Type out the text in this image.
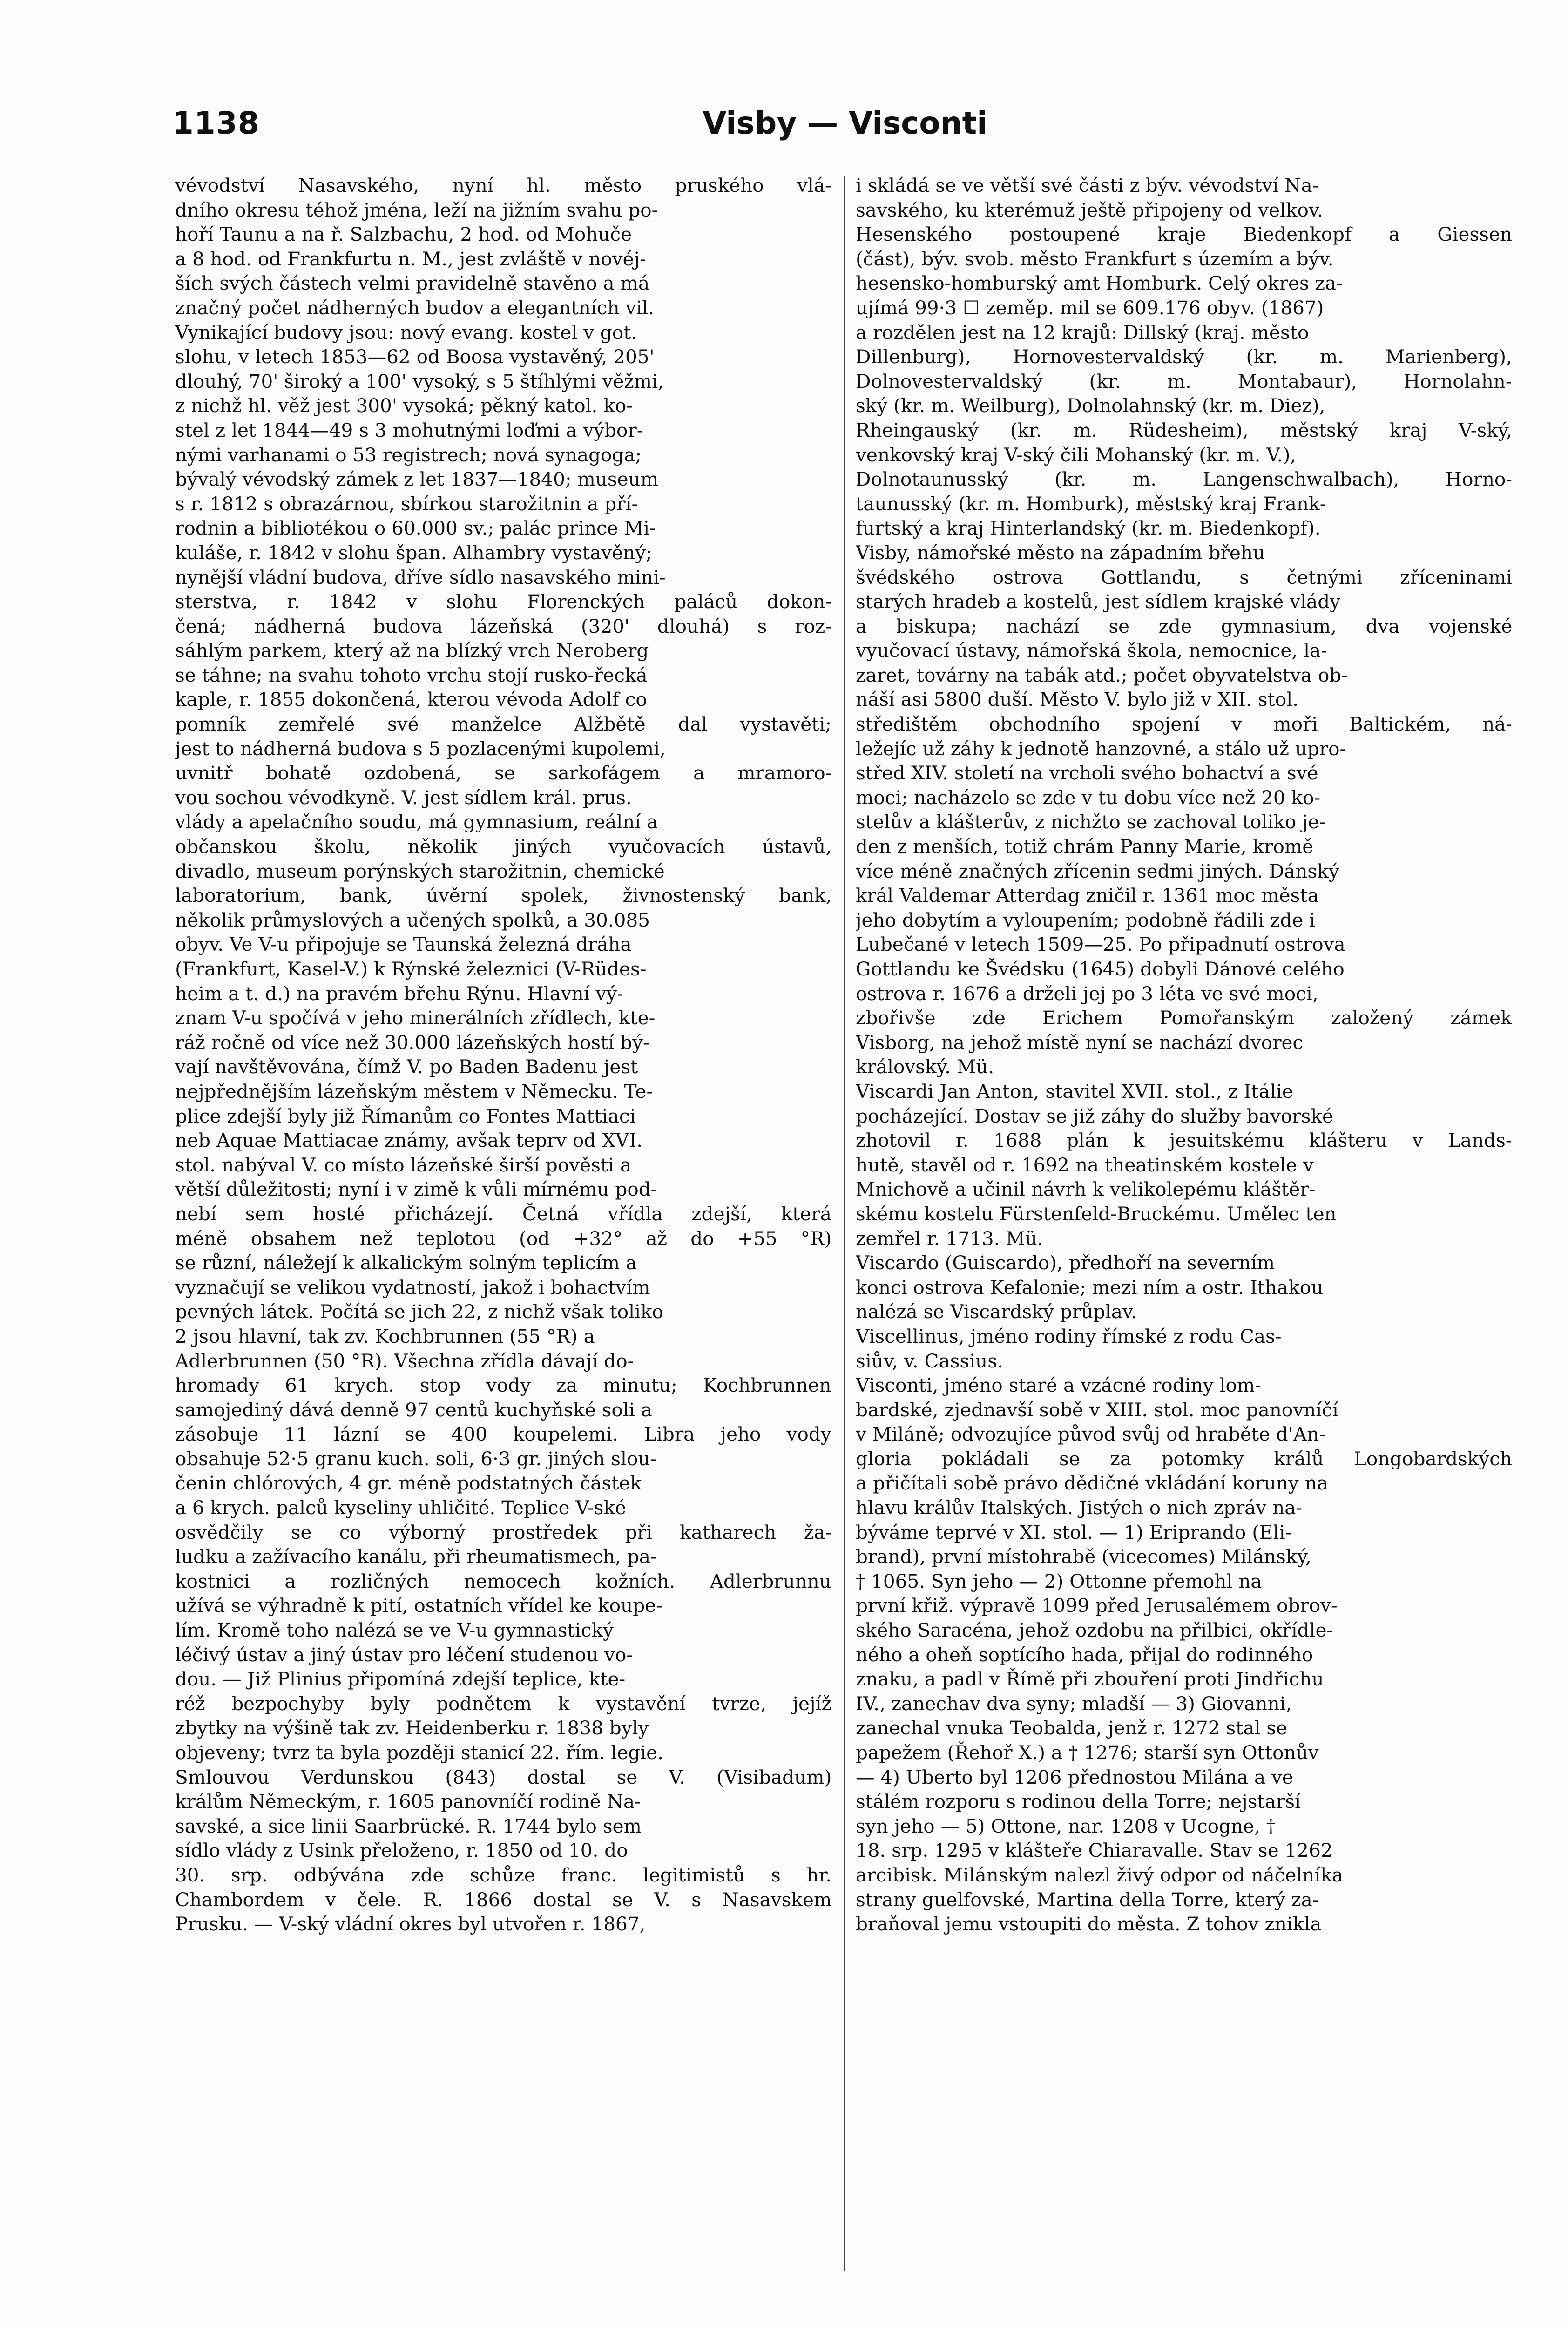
1138	Visby — Visconti
vévodství Nasavského, nyní hl. město pruského vlá-
dního okresu téhož jména, leží na jižním svahu po-
hoří Taunu a na ř. Salzbachu, 2 hod. od Mohuče
a 8 hod. od Frankfurtu n. M., jest zvláště v novéj-
ších svých částech velmi pravidelně stavěno a má
značný počet nádherných budov a elegantních vil.
Vynikající budovy jsou: nový evang. kostel v got.
slohu, v letech 1853—62 od Boosa vystavěný, 205'
dlouhý, 70' široký a 100' vysoký, s 5 štíhlými věžmi,
z nichž hl. věž jest 300' vysoká; pěkný katol. ko-
stel z let 1844—49 s 3 mohutnými loďmi a výbor-
nými varhanami o 53 registrech; nová synagoga;
bývalý vévodský zámek z let 1837—1840; museum
s r. 1812 s obrazárnou, sbírkou starožitnin a pří-
rodnin a bibliotékou o 60.000 sv.; palác prince Mi-
kuláše, r. 1842 v slohu špan. Alhambry vystavěný;
nynější vládní budova, dříve sídlo nasavského mini-
sterstva, r. 1842 v slohu Florenckých paláců dokon-
čená; nádherná budova lázeňská (320' dlouhá) s roz-
sáhlým parkem, který až na blízký vrch Neroberg
se táhne; na svahu tohoto vrchu stojí rusko-řecká
kaple, r. 1855 dokončená, kterou vévoda Adolf co
pomník zemřelé své manželce Alžbětě dal vystavěti;
jest to nádherná budova s 5 pozlacenými kupolemi,
uvnitř bohatě ozdobená, se sarkofágem a mramoro-
vou sochou vévodkyně. V. jest sídlem král. prus.
vlády a apelačního soudu, má gymnasium, reální a
občanskou školu, několik jiných vyučovacích ústavů,
divadlo, museum porýnských starožitnin, chemické
laboratorium, bank, úvěrní spolek, živnostenský bank,
několik průmyslových a učených spolků, a 30.085
obyv. Ve V-u připojuje se Taunská železná dráha
(Frankfurt, Kasel-V.) k Rýnské železnici (V-Rüdes-
heim a t. d.) na pravém břehu Rýnu. Hlavní vý-
znam V-u spočívá v jeho minerálních zřídlech, kte-
ráž ročně od více než 30.000 lázeňských hostí bý-
vají navštěvována, čímž V. po Baden Badenu jest
nejpřednějším lázeňským městem v Německu. Te-
plice zdejší byly již Římanům co Fontes Mattiaci
neb Aquae Mattiacae známy, avšak teprv od XVI.
stol. nabýval V. co místo lázeňské širší pověsti a
větší důležitosti; nyní i v zimě k vůli mírnému pod-
nebí sem hosté přicházejí. Četná vřídla zdejší, která
méně obsahem než teplotou (od +32° až do +55 °R)
se různí, náležejí k alkalickým solným teplicím a
vyznačují se velikou vydatností, jakož i bohactvím
pevných látek. Počítá se jich 22, z nichž však toliko
2 jsou hlavní, tak zv. Kochbrunnen (55 °R) a
Adlerbrunnen (50 °R). Všechna zřídla dávají do-
hromady 61 krych. stop vody za minutu; Kochbrunnen
samojediný dává denně 97 centů kuchyňské soli a
zásobuje 11 lázní se 400 koupelemi. Libra jeho vody
obsahuje 52·5 granu kuch. soli, 6·3 gr. jiných slou-
čenin chlórových, 4 gr. méně podstatných částek
a 6 krych. palců kyseliny uhličité. Teplice V-ské
osvědčily se co výborný prostředek při katharech ža-
ludku a zažívacího kanálu, při rheumatismech, pa-
kostnici a rozličných nemocech kožních. Adlerbrunnu
užívá se výhradně k pití, ostatních vřídel ke koupe-
lím. Kromě toho nalézá se ve V-u gymnastický
léčivý ústav a jiný ústav pro léčení studenou vo-
dou. — Již Plinius připomíná zdejší teplice, kte-
réž bezpochyby byly podnětem k vystavění tvrze, jejíž
zbytky na výšině tak zv. Heidenberku r. 1838 byly
objeveny; tvrz ta byla později stanicí 22. řím. legie.
Smlouvou Verdunskou (843) dostal se V. (Visibadum)
králům Německým, r. 1605 panovníčí rodině Na-
savské, a sice linii Saarbrücké. R. 1744 bylo sem
sídlo vlády z Usink přeloženo, r. 1850 od 10. do
30. srp. odbývána zde schůze franc. legitimistů s hr.
Chambordem v čele. R. 1866 dostal se V. s Nasavskem
Prusku. — V-ský vládní okres byl utvořen r. 1867,
i skládá se ve větší své části z býv. vévodství Na-
savského, ku kterémuž ještě připojeny od velkov.
Hesenského postoupené kraje Biedenkopf a Giessen
(část), býv. svob. město Frankfurt s územím a býv.
hesensko-homburský amt Homburk. Celý okres za-
ujímá 99·3 ☐ zeměp. mil se 609.176 obyv. (1867)
a rozdělen jest na 12 krajů: Dillský (kraj. město
Dillenburg), Hornovestervaldský (kr. m. Marienberg),
Dolnovestervaldský (kr. m. Montabaur), Hornolahn-
ský (kr. m. Weilburg), Dolnolahnský (kr. m. Diez),
Rheingauský (kr. m. Rüdesheim), městský kraj V-ský,
venkovský kraj V-ský čili Mohanský (kr. m. V.),
Dolnotaunusský (kr. m. Langenschwalbach), Horno-
taunusský (kr. m. Homburk), městský kraj Frank-
furtský a kraj Hinterlandský (kr. m. Biedenkopf).
Visby, námořské město na západním břehu
švédského ostrova Gottlandu, s četnými zříceninami
starých hradeb a kostelů, jest sídlem krajské vlády
a biskupa; nachází se zde gymnasium, dva vojenské
vyučovací ústavy, námořská škola, nemocnice, la-
zaret, továrny na tabák atd.; počet obyvatelstva ob-
náší asi 5800 duší. Město V. bylo již v XII. stol.
středištěm obchodního spojení v moři Baltickém, ná-
ležejíc už záhy k jednotě hanzovné, a stálo už upro-
střed XIV. století na vrcholi svého bohactví a své
moci; nacházelo se zde v tu dobu více než 20 ko-
stelův a klášterův, z nichžto se zachoval toliko je-
den z menších, totiž chrám Panny Marie, kromě
více méně značných zřícenin sedmi jiných. Dánský
král Valdemar Atterdag zničil r. 1361 moc města
jeho dobytím a vyloupením; podobně řádili zde i
Lubečané v letech 1509—25. Po připadnutí ostrova
Gottlandu ke Švédsku (1645) dobyli Dánové celého
ostrova r. 1676 a drželi jej po 3 léta ve své moci,
zbořivše zde Erichem Pomořanským založený zámek
Visborg, na jehož místě nyní se nachází dvorec
královský. Mü.
Viscardi Jan Anton, stavitel XVII. stol., z Itálie
pocházející. Dostav se již záhy do služby bavorské
zhotovil r. 1688 plán k jesuitskému klášteru v Lands-
hutě, stavěl od r. 1692 na theatinském kostele v
Mnichově a učinil návrh k velikolepému kláštěr-
skému kostelu Fürstenfeld-Bruckému. Umělec ten
zemřel r. 1713. Mü.
Viscardo (Guiscardo), předhoří na severním
konci ostrova Kefalonie; mezi ním a ostr. Ithakou
nalézá se Viscardský průplav.
Viscellinus, jméno rodiny římské z rodu Cas-
siův, v. Cassius.
Visconti, jméno staré a vzácné rodiny lom-
bardské, zjednavší sobě v XIII. stol. moc panovníčí
v Miláně; odvozujíce původ svůj od hraběte d'An-
gloria pokládali se za potomky králů Longobardských
a přičítali sobě právo dědičné vkládání koruny na
hlavu králův Italských. Jistých o nich zpráv na-
býváme teprvé v XI. stol. — 1) Eriprando (Eli-
brand), první místohrabě (vicecomes) Milánský,
† 1065. Syn jeho — 2) Ottonne přemohl na
první křiž. výpravě 1099 před Jerusalémem obrov-
ského Saracéna, jehož ozdobu na přilbici, okřídle-
ného a oheň soptícího hada, přijal do rodinného
znaku, a padl v Římě při zbouření proti Jindřichu
IV., zanechav dva syny; mladší — 3) Giovanni,
zanechal vnuka Teobalda, jenž r. 1272 stal se
papežem (Řehoř X.) a † 1276; starší syn Ottonův
— 4) Uberto byl 1206 přednostou Milána a ve
stálém rozporu s rodinou della Torre; nejstarší
syn jeho — 5) Ottone, nar. 1208 v Ucogne, †
18. srp. 1295 v klášteře Chiaravalle. Stav se 1262
arcibisk. Milánským nalezl živý odpor od náčelníka
strany guelfovské, Martina della Torre, který za-
braňoval jemu vstoupiti do města. Z tohov znikla
